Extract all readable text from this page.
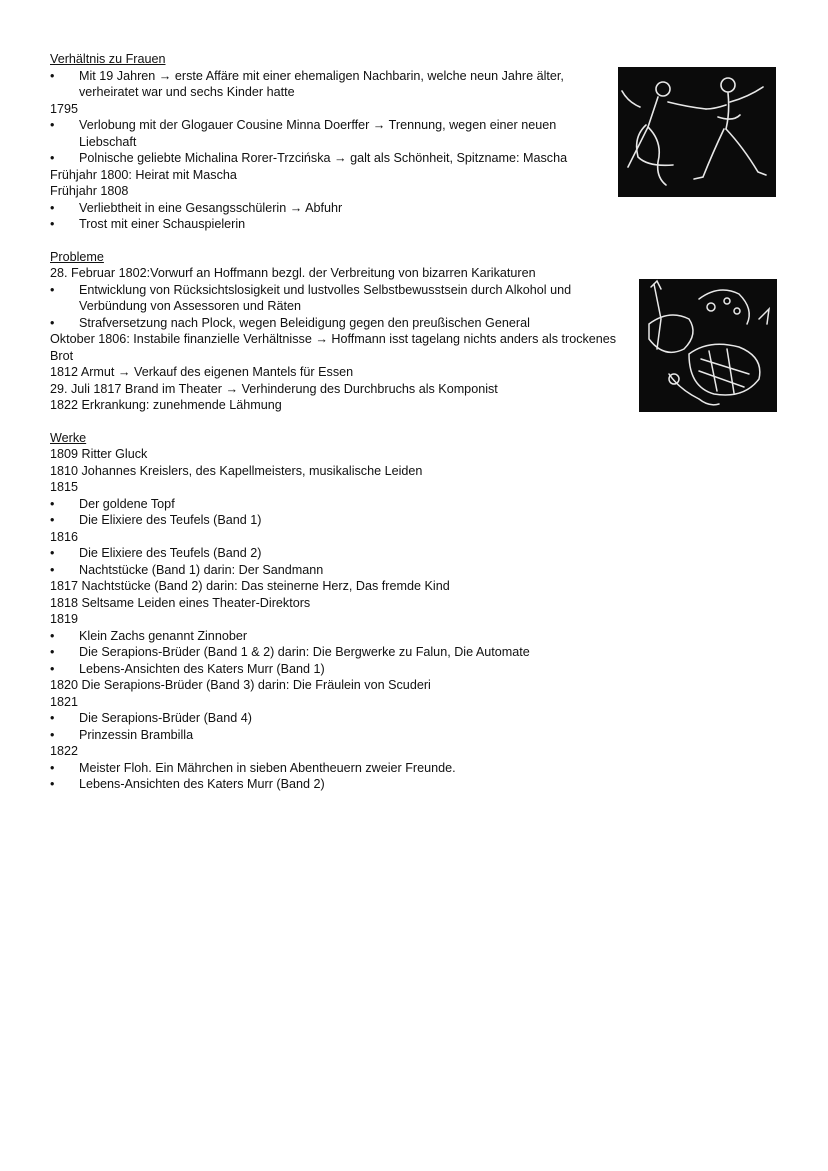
Verhältnis zu Frauen
•	Mit 19 Jahren → erste Affäre mit einer ehemaligen Nachbarin, welche neun Jahre älter, verheiratet war und sechs Kinder hatte
1795
•	Verlobung mit der Glogauer Cousine Minna Doerffer → Trennung, wegen einer neuen Liebschaft
•	Polnische geliebte Michalina Rorer-Trzcińska → galt als Schönheit, Spitzname: Mascha
Frühjahr 1800: Heirat mit Mascha
Frühjahr 1808
•	Verliebtheit in eine Gesangsschülerin → Abfuhr
•	Trost mit einer Schauspielerin
Probleme
28. Februar 1802:Vorwurf an Hoffmann bezgl. der Verbreitung von bizarren Karikaturen
•	Entwicklung von Rücksichtslosigkeit und lustvolles Selbstbewusstsein durch Alkohol und Verbündung von Assessoren und Räten
•	Strafversetzung nach Plock, wegen Beleidigung gegen den preußischen General
Oktober 1806: Instabile finanzielle Verhältnisse → Hoffmann isst tagelang nichts anders als trockenes Brot
1812 Armut → Verkauf des eigenen Mantels für Essen
29. Juli 1817 Brand im Theater → Verhinderung des Durchbruchs als Komponist
1822 Erkrankung: zunehmende Lähmung
Werke
1809 Ritter Gluck
1810 Johannes Kreislers, des Kapellmeisters, musikalische Leiden
1815
•	Der goldene Topf
•	Die Elixiere des Teufels (Band 1)
1816
•	Die Elixiere des Teufels (Band 2)
•	Nachtstücke (Band 1) darin: Der Sandmann
1817 Nachtstücke (Band 2) darin: Das steinerne Herz, Das fremde Kind
1818 Seltsame Leiden eines Theater-Direktors
1819
•	Klein Zachs genannt Zinnober
•	Die Serapions-Brüder (Band 1 & 2) darin: Die Bergwerke zu Falun, Die Automate
•	Lebens-Ansichten des Katers Murr (Band 1)
1820 Die Serapions-Brüder (Band 3) darin: Die Fräulein von Scuderi
1821
•	Die Serapions-Brüder (Band 4)
•	Prinzessin Brambilla
1822
•	Meister Floh. Ein Mährchen in sieben Abentheuern zweier Freunde.
•	Lebens-Ansichten des Katers Murr (Band 2)
